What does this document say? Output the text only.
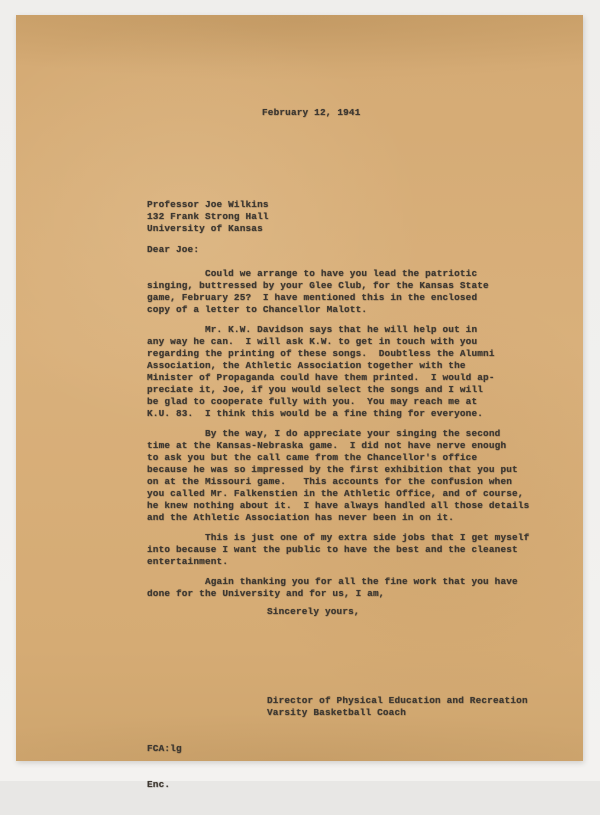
February 12, 1941
Professor Joe Wilkins
132 Frank Strong Hall
University of Kansas
Dear Joe:
Could we arrange to have you lead the patriotic
singing, buttressed by your Glee Club, for the Kansas State
game, February 25?  I have mentioned this in the enclosed
copy of a letter to Chancellor Malott.
Mr. K.W. Davidson says that he will help out in
any way he can.  I will ask K.W. to get in touch with you
regarding the printing of these songs.  Doubtless the Alumni
Association, the Athletic Association together with the
Minister of Propaganda could have them printed.  I would ap-
preciate it, Joe, if you would select the songs and I will
be glad to cooperate fully with you.  You may reach me at
K.U. 83.  I think this would be a fine thing for everyone.
By the way, I do appreciate your singing the second
time at the Kansas-Nebraska game.  I did not have nerve enough
to ask you but the call came from the Chancellor's office
because he was so impressed by the first exhibition that you put
on at the Missouri game.   This accounts for the confusion when
you called Mr. Falkenstien in the Athletic Office, and of course,
he knew nothing about it.  I have always handled all those details
and the Athletic Association has never been in on it.
This is just one of my extra side jobs that I get myself
into because I want the public to have the best and the cleanest
entertainment.
Again thanking you for all the fine work that you have
done for the University and for us, I am,
Sincerely yours,
Director of Physical Education and Recreation
Varsity Basketball Coach

FCA:lg

Enc.
